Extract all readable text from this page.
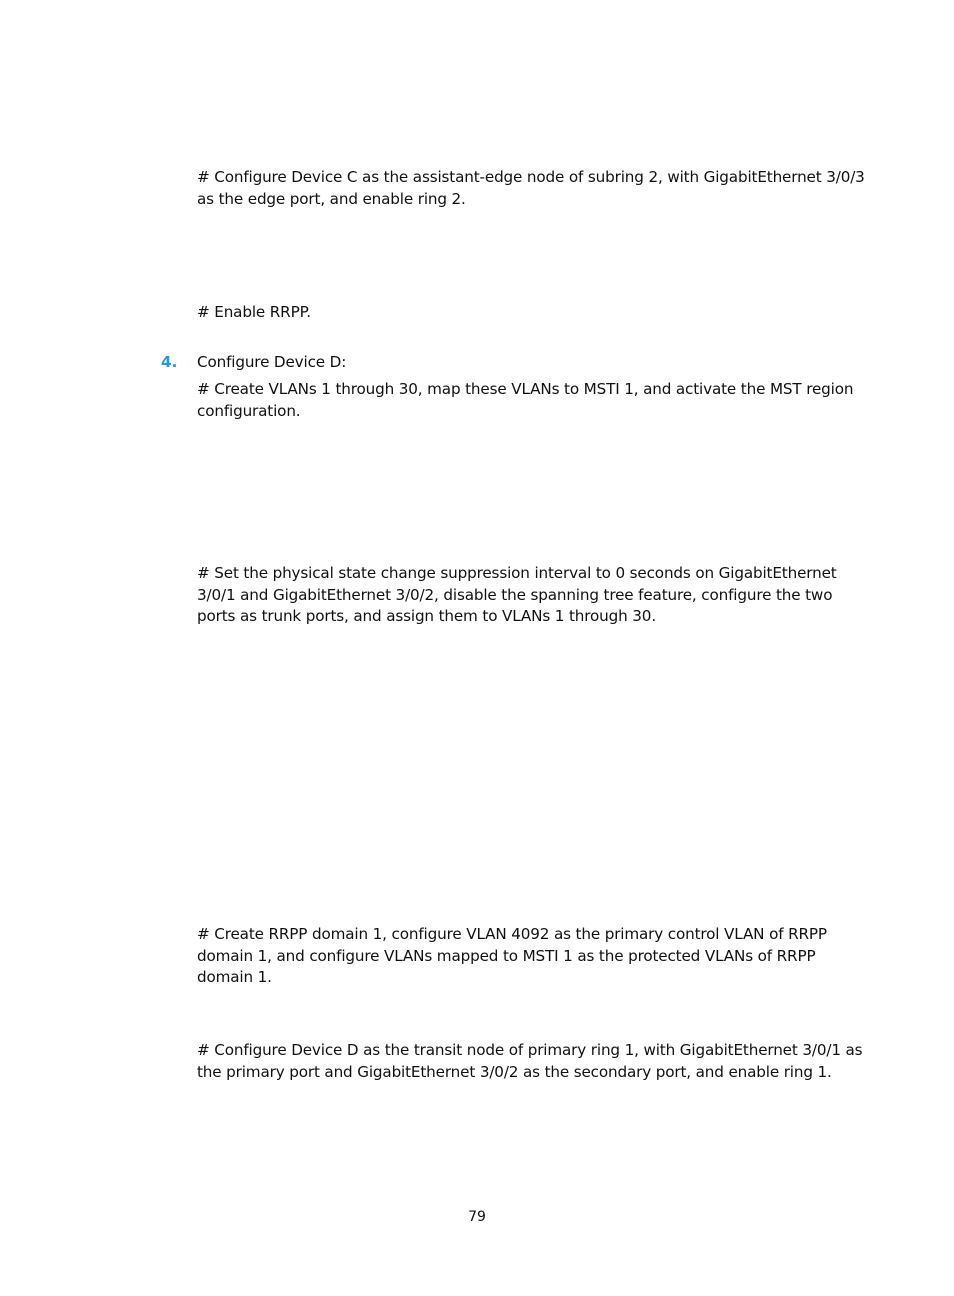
# Configure Device C as the assistant-edge node of subring 2, with GigabitEthernet 3/0/3 as the edge port, and enable ring 2.

# Enable RRPP.

4. Configure Device D:

# Create VLANs 1 through 30, map these VLANs to MSTI 1, and activate the MST region configuration.

# Set the physical state change suppression interval to 0 seconds on GigabitEthernet 3/0/1 and GigabitEthernet 3/0/2, disable the spanning tree feature, configure the two ports as trunk ports, and assign them to VLANs 1 through 30.

# Create RRPP domain 1, configure VLAN 4092 as the primary control VLAN of RRPP domain 1, and configure VLANs mapped to MSTI 1 as the protected VLANs of RRPP domain 1.

# Configure Device D as the transit node of primary ring 1, with GigabitEthernet 3/0/1 as the primary port and GigabitEthernet 3/0/2 as the secondary port, and enable ring 1.

79
